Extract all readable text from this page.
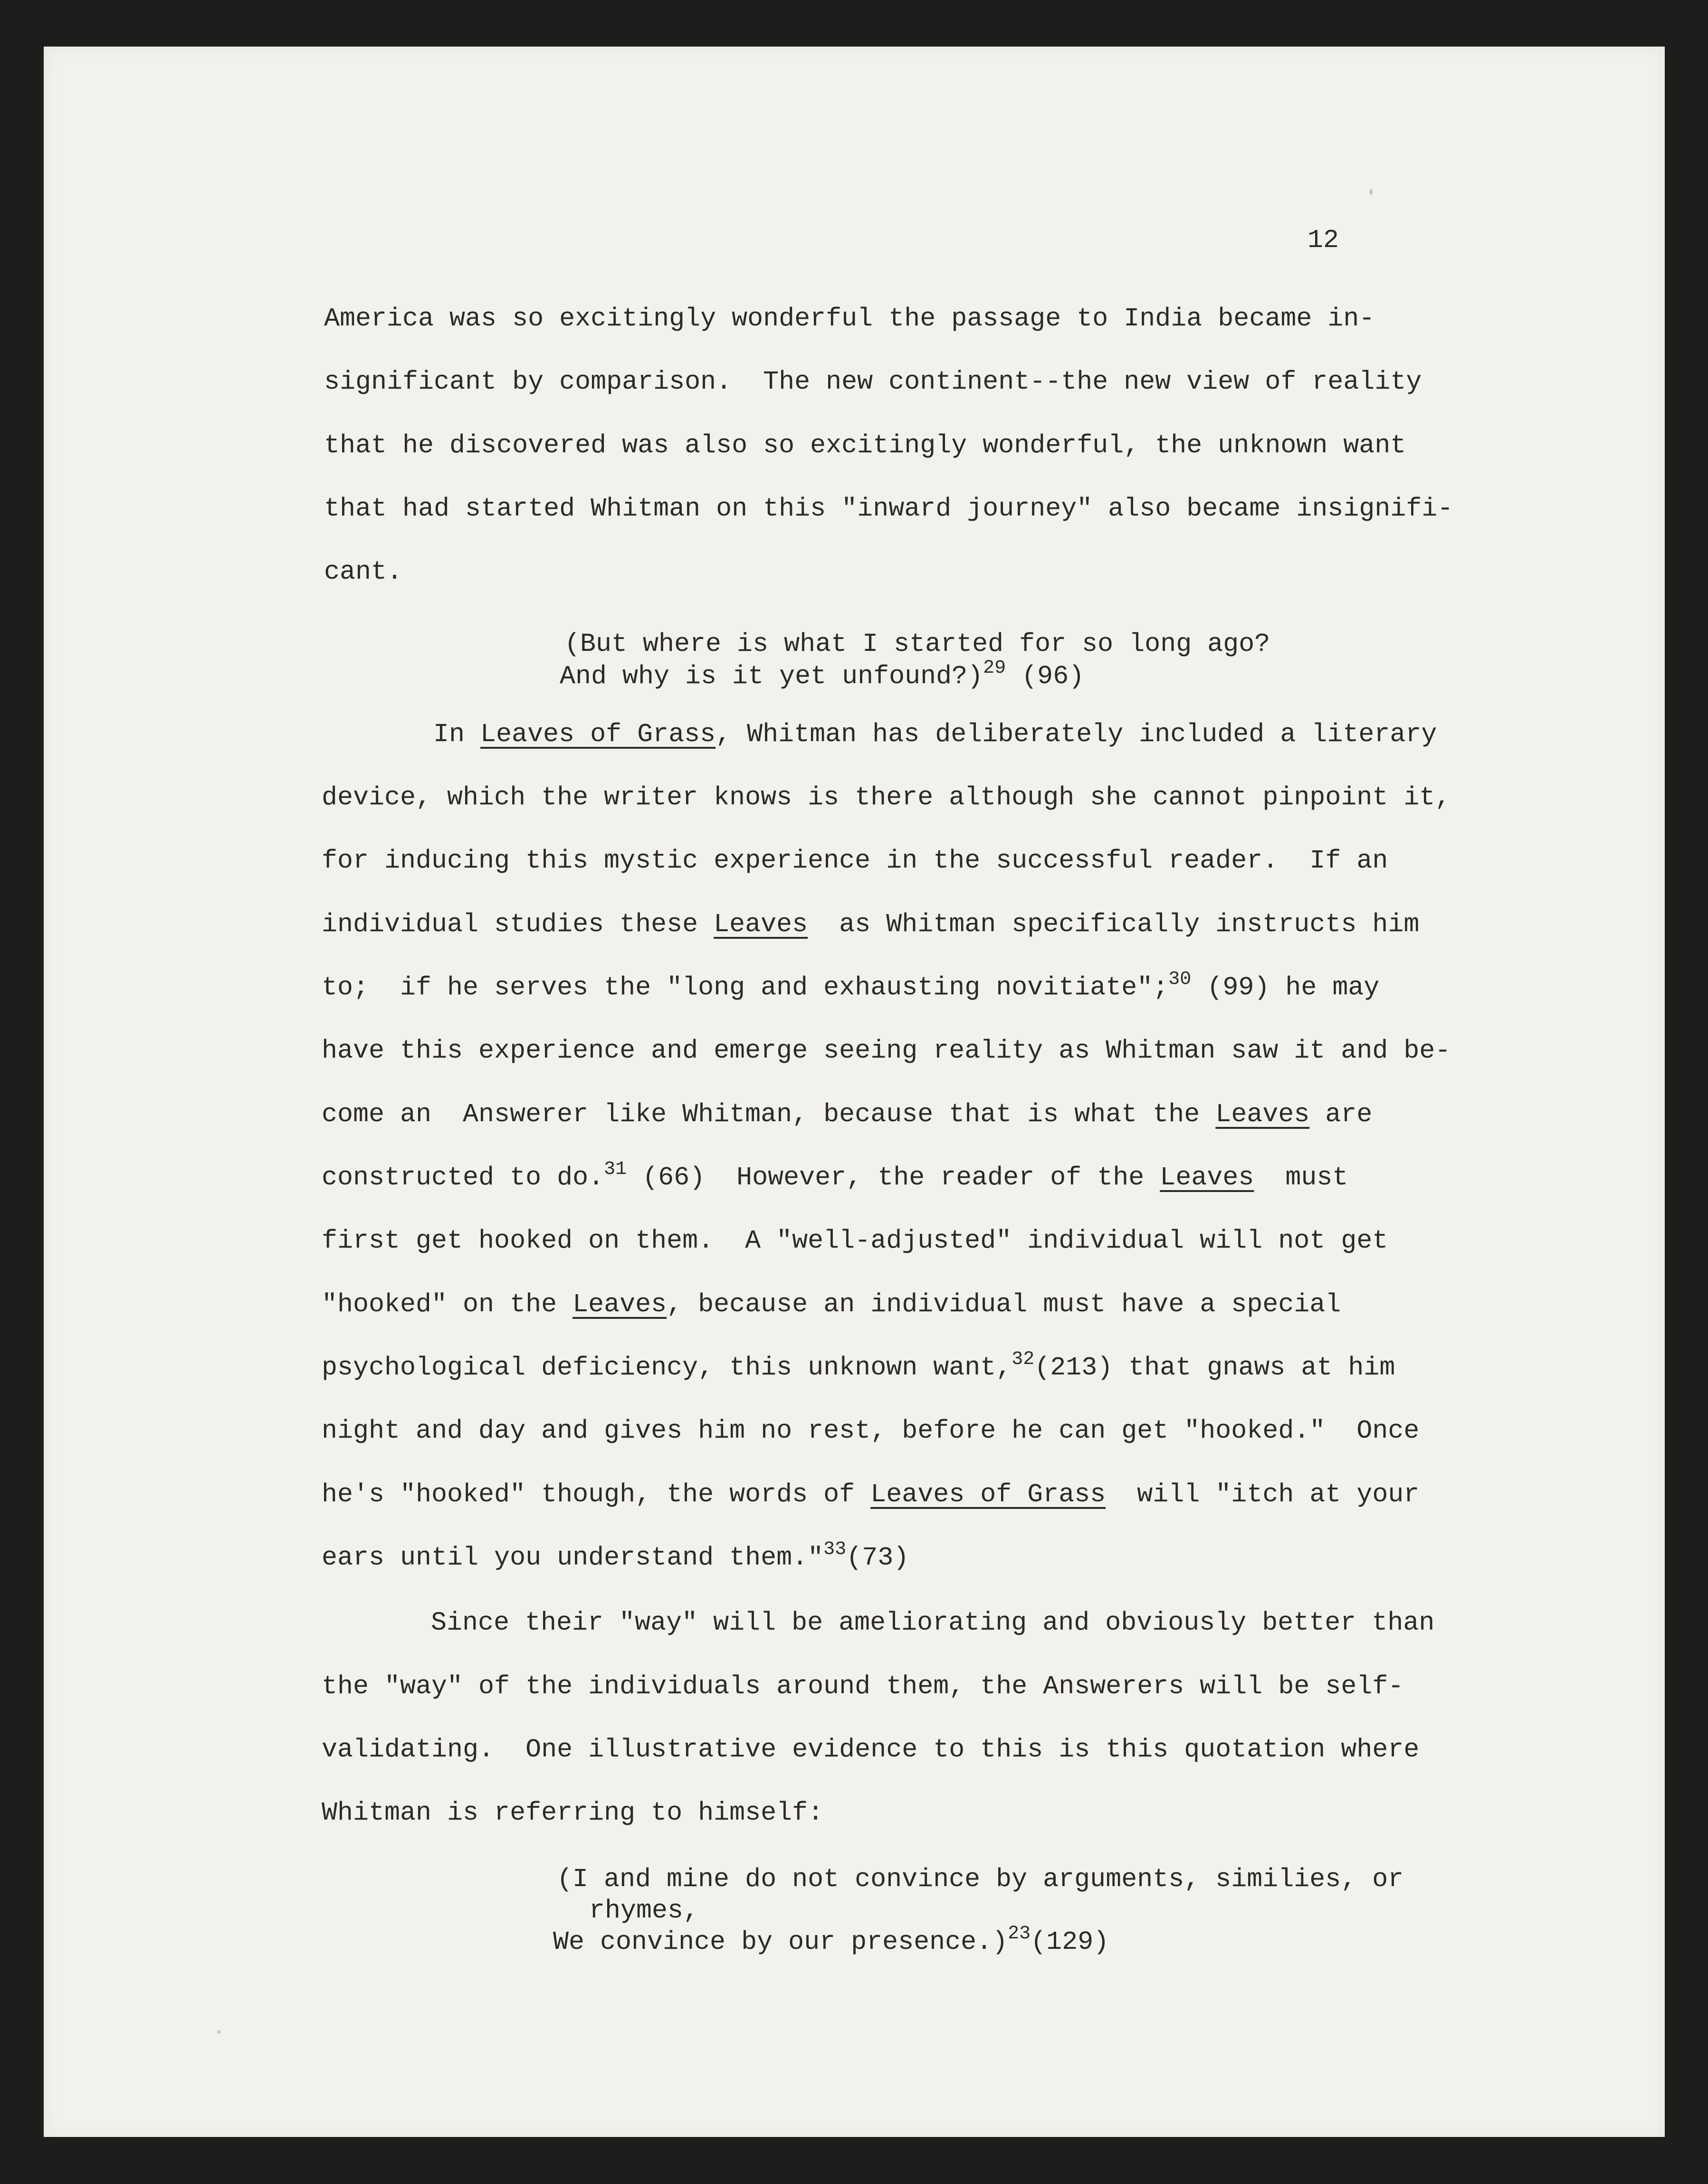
12
America was so excitingly wonderful the passage to India became in-
significant by comparison.  The new continent--the new view of reality
that he discovered was also so excitingly wonderful, the unknown want
that had started Whitman on this "inward journey" also became insignifi-
cant.
(But where is what I started for so long ago?
And why is it yet unfound?)$^{29}$ (96)
In Leaves of Grass, Whitman has deliberately included a literary
device, which the writer knows is there although she cannot pinpoint it,
for inducing this mystic experience in the successful reader.  If an
individual studies these Leaves  as Whitman specifically instructs him
to;  if he serves the "long and exhausting novitiate";$^{30}$ (99) he may
have this experience and emerge seeing reality as Whitman saw it and be-
come an  Answerer like Whitman, because that is what the Leaves are
constructed to do.$^{31}$ (66)  However, the reader of the Leaves  must
first get hooked on them.  A "well-adjusted" individual will not get
"hooked" on the Leaves, because an individual must have a special
psychological deficiency, this unknown want,$^{32}$(213) that gnaws at him
night and day and gives him no rest, before he can get "hooked."  Once
he's "hooked" though, the words of Leaves of Grass  will "itch at your
ears until you understand them."$^{33}$(73)
Since their "way" will be ameliorating and obviously better than
the "way" of the individuals around them, the Answerers will be self-
validating.  One illustrative evidence to this is this quotation where
Whitman is referring to himself:
(I and mine do not convince by arguments, similies, or
rhymes,
We convince by our presence.)$^{23}$(129)
